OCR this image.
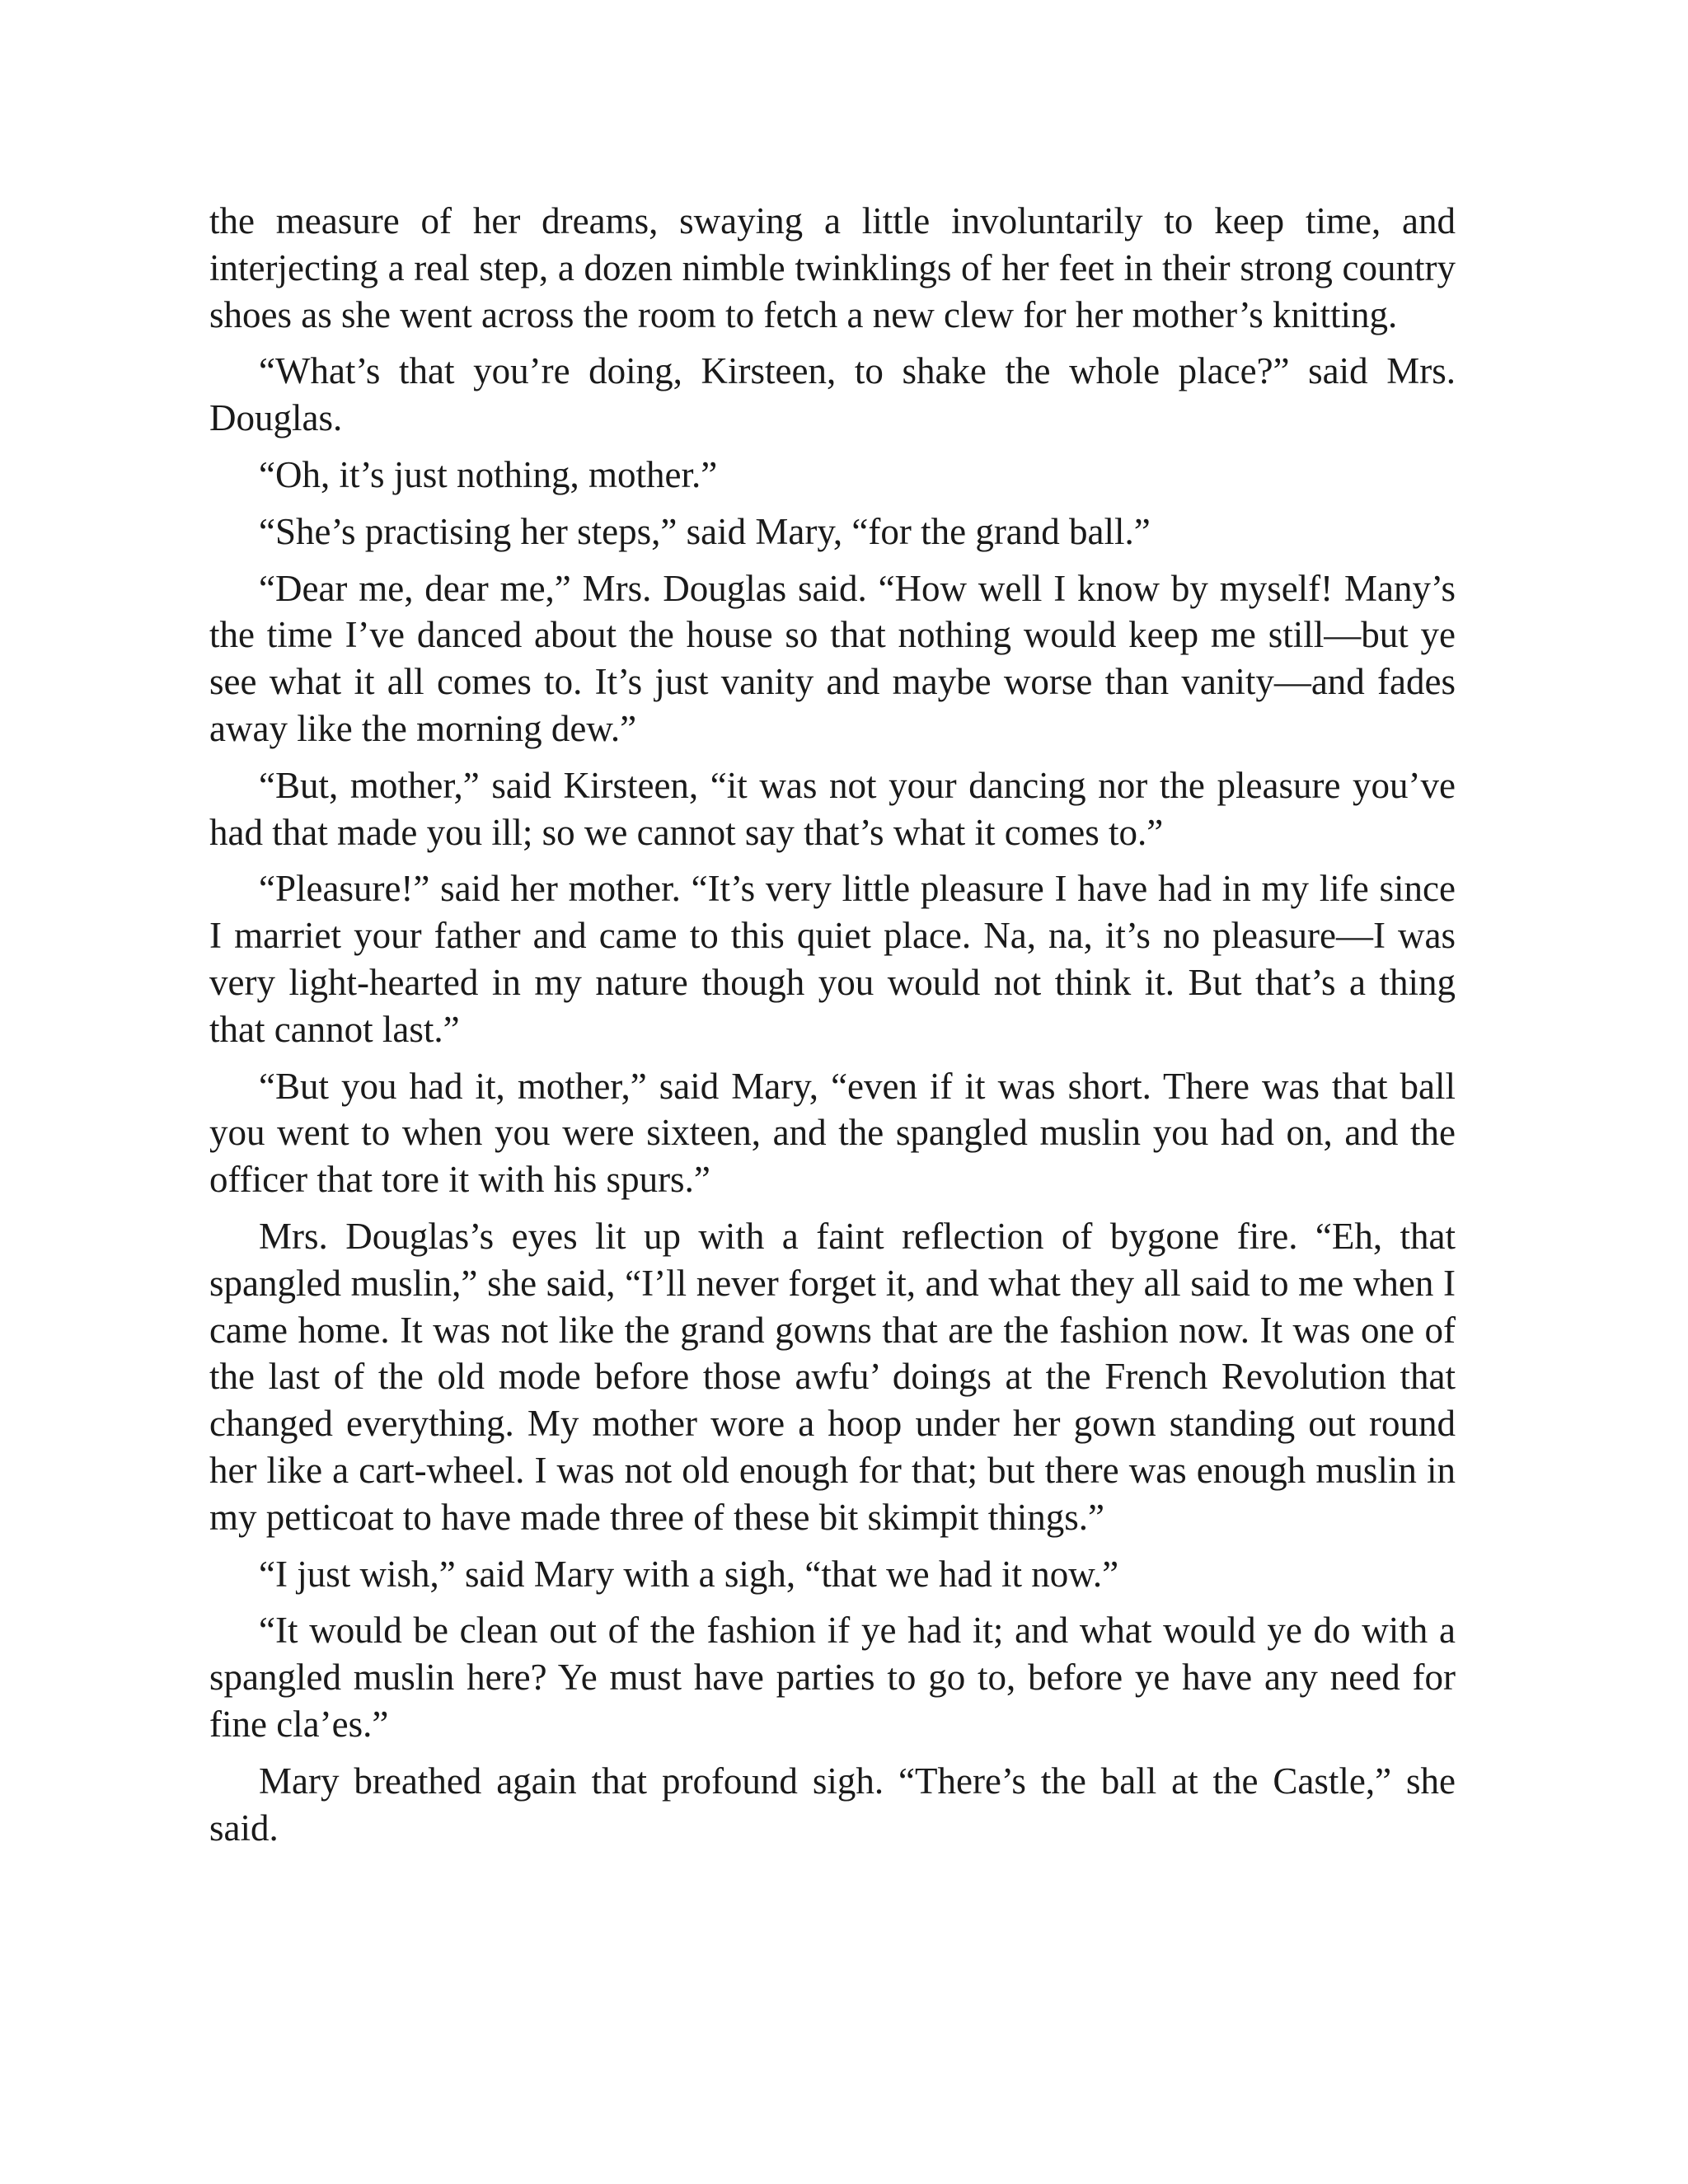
the measure of her dreams, swaying a little involuntarily to keep time, and interjecting a real step, a dozen nimble twinklings of her feet in their strong country shoes as she went across the room to fetch a new clew for her mother’s knitting.

“What’s that you’re doing, Kirsteen, to shake the whole place?” said Mrs. Douglas.

“Oh, it’s just nothing, mother.”

“She’s practising her steps,” said Mary, “for the grand ball.”

“Dear me, dear me,” Mrs. Douglas said. “How well I know by myself! Many’s the time I’ve danced about the house so that nothing would keep me still—but ye see what it all comes to. It’s just vanity and maybe worse than vanity—and fades away like the morning dew.”

“But, mother,” said Kirsteen, “it was not your dancing nor the pleasure you’ve had that made you ill; so we cannot say that’s what it comes to.”

“Pleasure!” said her mother. “It’s very little pleasure I have had in my life since I marriet your father and came to this quiet place. Na, na, it’s no pleasure—I was very light-hearted in my nature though you would not think it. But that’s a thing that cannot last.”

“But you had it, mother,” said Mary, “even if it was short. There was that ball you went to when you were sixteen, and the spangled muslin you had on, and the officer that tore it with his spurs.”

Mrs. Douglas’s eyes lit up with a faint reflection of bygone fire. “Eh, that spangled muslin,” she said, “I’ll never forget it, and what they all said to me when I came home. It was not like the grand gowns that are the fashion now. It was one of the last of the old mode before those awfu’ doings at the French Revolution that changed everything. My mother wore a hoop under her gown standing out round her like a cart-wheel. I was not old enough for that; but there was enough muslin in my petticoat to have made three of these bit skimpit things.”

“I just wish,” said Mary with a sigh, “that we had it now.”

“It would be clean out of the fashion if ye had it; and what would ye do with a spangled muslin here? Ye must have parties to go to, before ye have any need for fine cla’es.”

Mary breathed again that profound sigh. “There’s the ball at the Castle,” she said.
